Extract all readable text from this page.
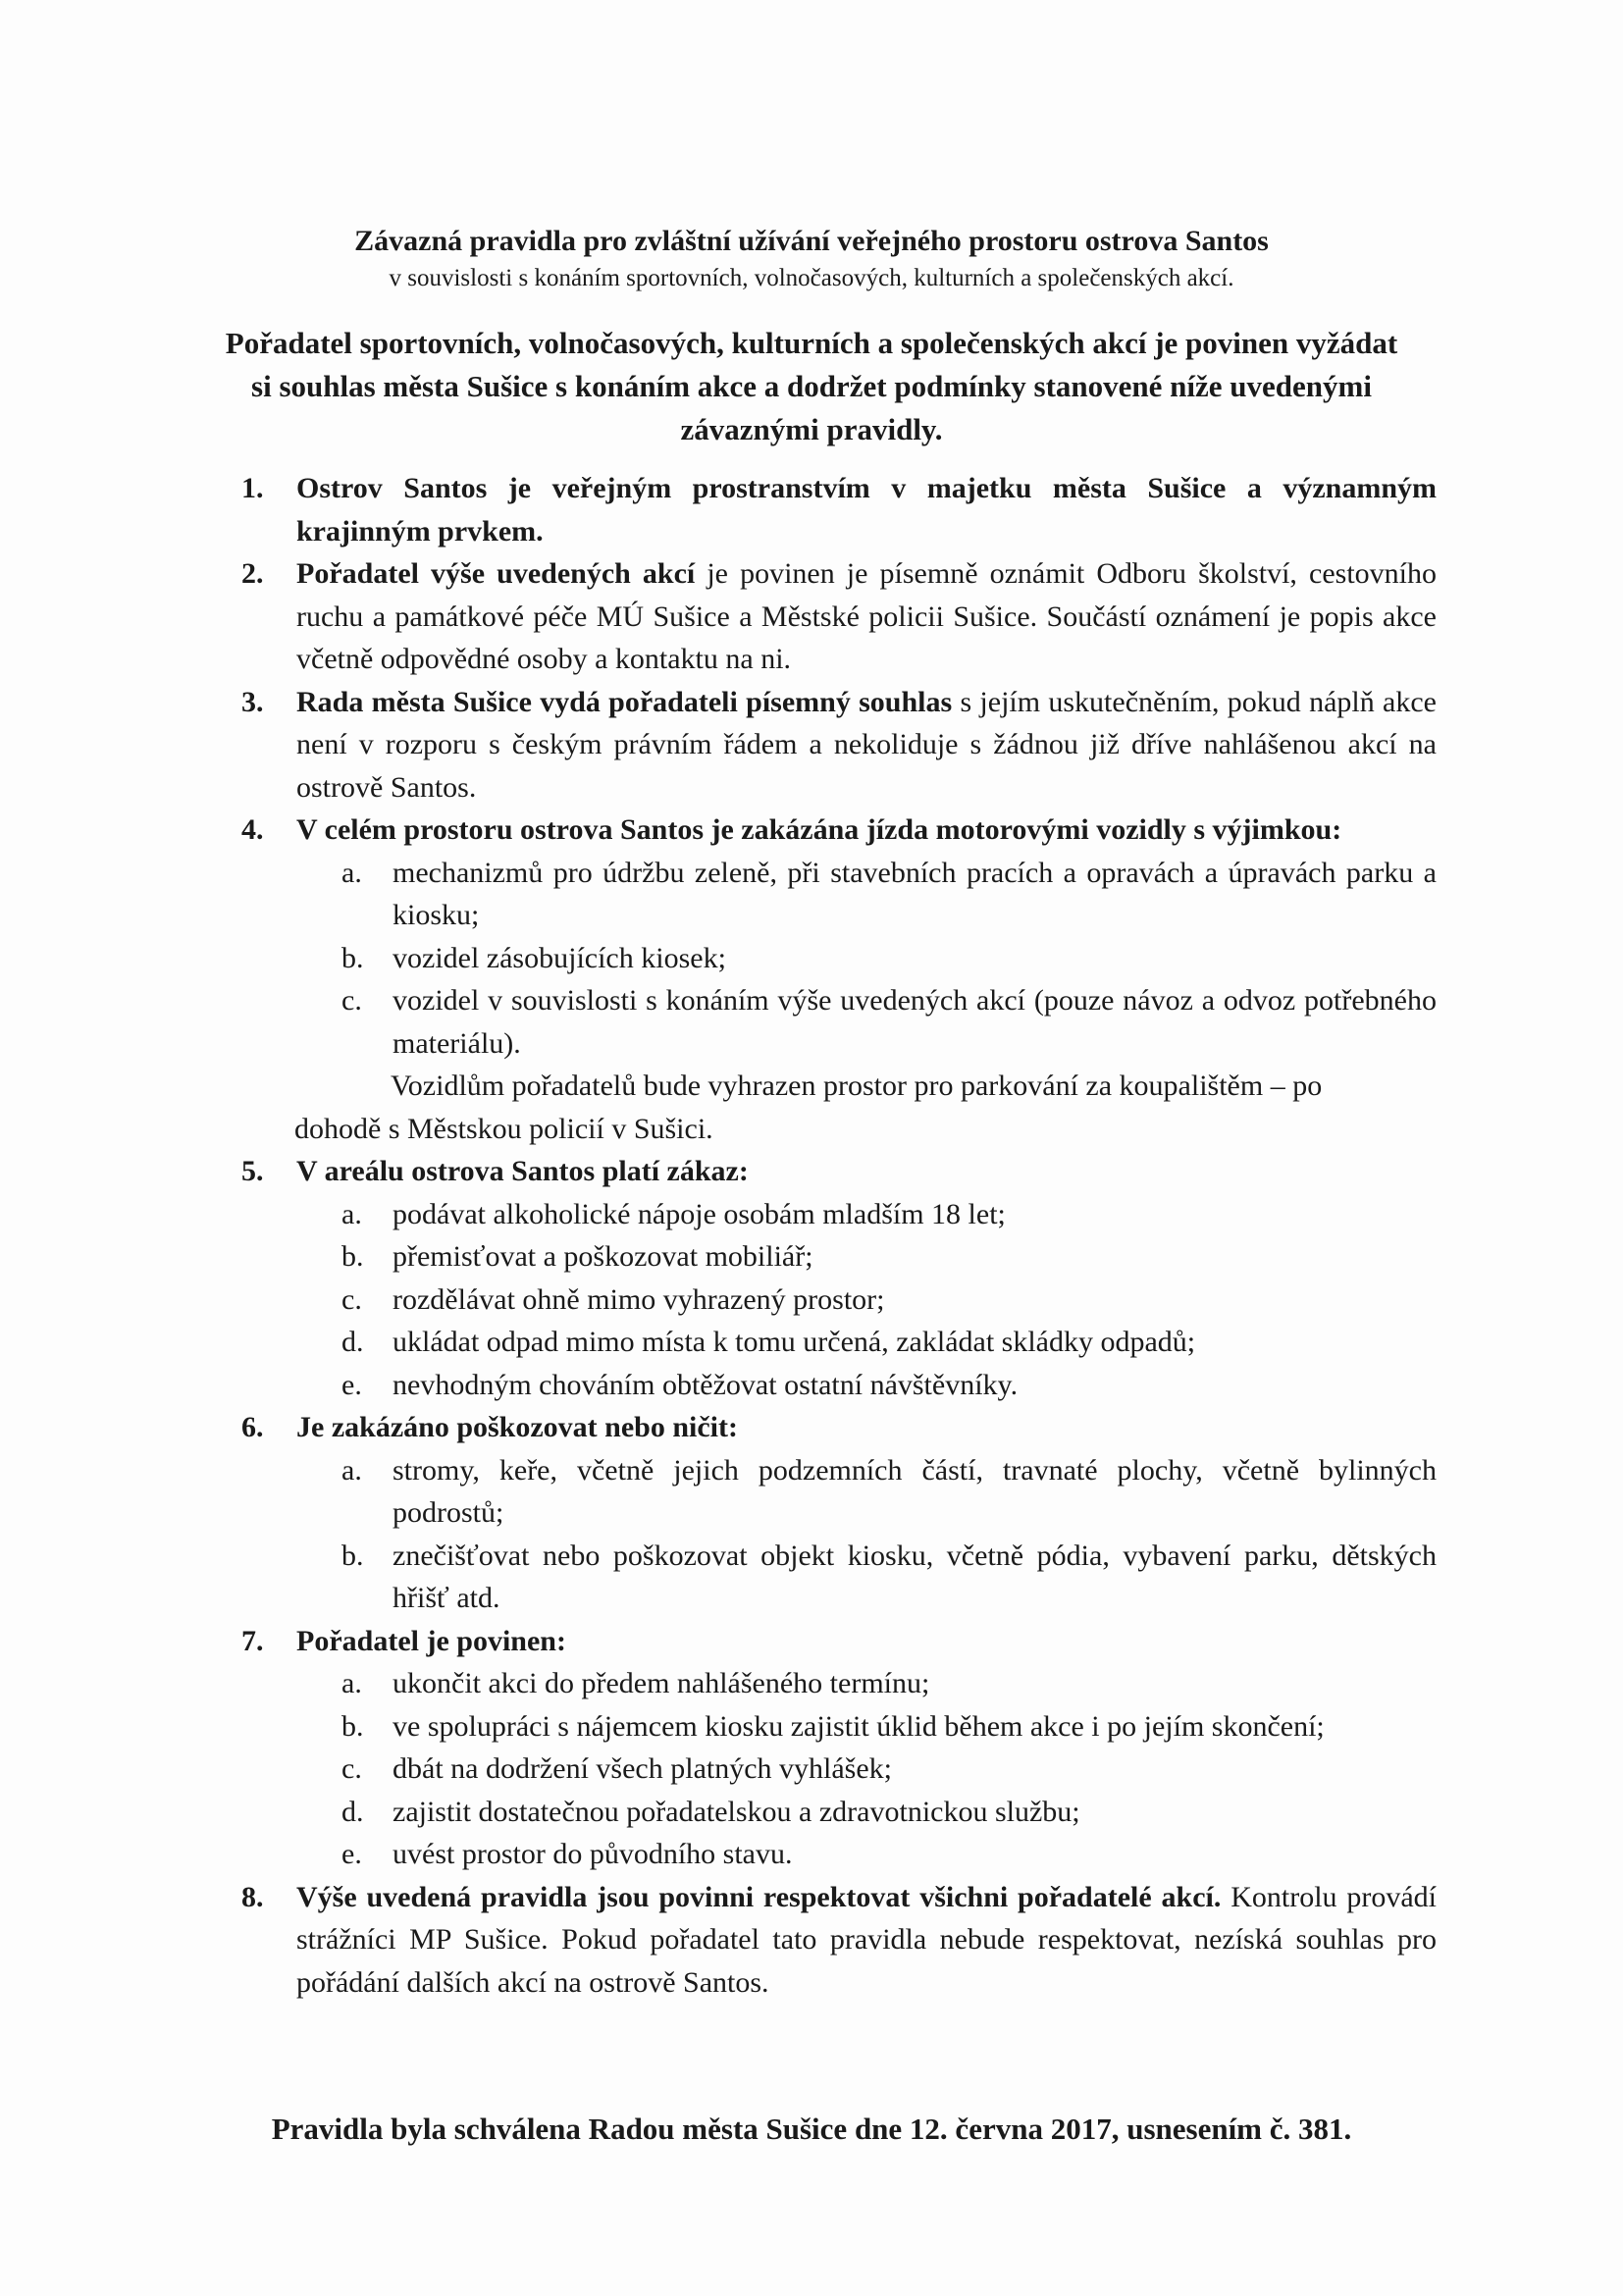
Závazná pravidla pro zvláštní užívání veřejného prostoru ostrova Santos
v souvislosti s konáním sportovních, volnočasových, kulturních a společenských akcí.
Pořadatel sportovních, volnočasových, kulturních a společenských akcí je povinen vyžádat si souhlas města Sušice s konáním akce a dodržet podmínky stanovené níže uvedenými závaznými pravidly.
1. Ostrov Santos je veřejným prostranstvím v majetku města Sušice a významným krajinným prvkem.
2. Pořadatel výše uvedených akcí je povinen je písemně oznámit Odboru školství, cestovního ruchu a památkové péče MÚ Sušice a Městské policii Sušice. Součástí oznámení je popis akce včetně odpovědné osoby a kontaktu na ni.
3. Rada města Sušice vydá pořadateli písemný souhlas s jejím uskutečněním, pokud náplň akce není v rozporu s českým právním řádem a nekoliduje s žádnou již dříve nahlášenou akcí na ostrově Santos.
4. V celém prostoru ostrova Santos je zakázána jízda motorovými vozidly s výjimkou:
a. mechanizmů pro údržbu zeleně, při stavebních pracích a opravách a úpravách parku a kiosku;
b. vozidel zásobujících kiosek;
c. vozidel v souvislosti s konáním výše uvedených akcí (pouze návoz a odvoz potřebného materiálu).
Vozidlům pořadatelů bude vyhrazen prostor pro parkování za koupalištěm – po
dohodě s Městskou policií v Sušici.
5. V areálu ostrova Santos platí zákaz:
a. podávat alkoholické nápoje osobám mladším 18 let;
b. přemisťovat a poškozovat mobiliář;
c. rozdělávat ohně mimo vyhrazený prostor;
d. ukládat odpad mimo místa k tomu určená, zakládat skládky odpadů;
e. nevhodným chováním obtěžovat ostatní návštěvníky.
6. Je zakázáno poškozovat nebo ničit:
a. stromy, keře, včetně jejich podzemních částí, travnaté plochy, včetně bylinných podrostů;
b. znečišťovat nebo poškozovat objekt kiosku, včetně pódia, vybavení parku, dětských hřišť atd.
7. Pořadatel je povinen:
a. ukončit akci do předem nahlášeného termínu;
b. ve spolupráci s nájemcem kiosku zajistit úklid během akce i po jejím skončení;
c. dbát na dodržení všech platných vyhlášek;
d. zajistit dostatečnou pořadatelskou a zdravotnickou službu;
e. uvést prostor do původního stavu.
8. Výše uvedená pravidla jsou povinni respektovat všichni pořadatelé akcí. Kontrolu provádí strážníci MP Sušice. Pokud pořadatel tato pravidla nebude respektovat, nezíská souhlas pro pořádání dalších akcí na ostrově Santos.
Pravidla byla schválena Radou města Sušice dne 12. června 2017, usnesením č. 381.
